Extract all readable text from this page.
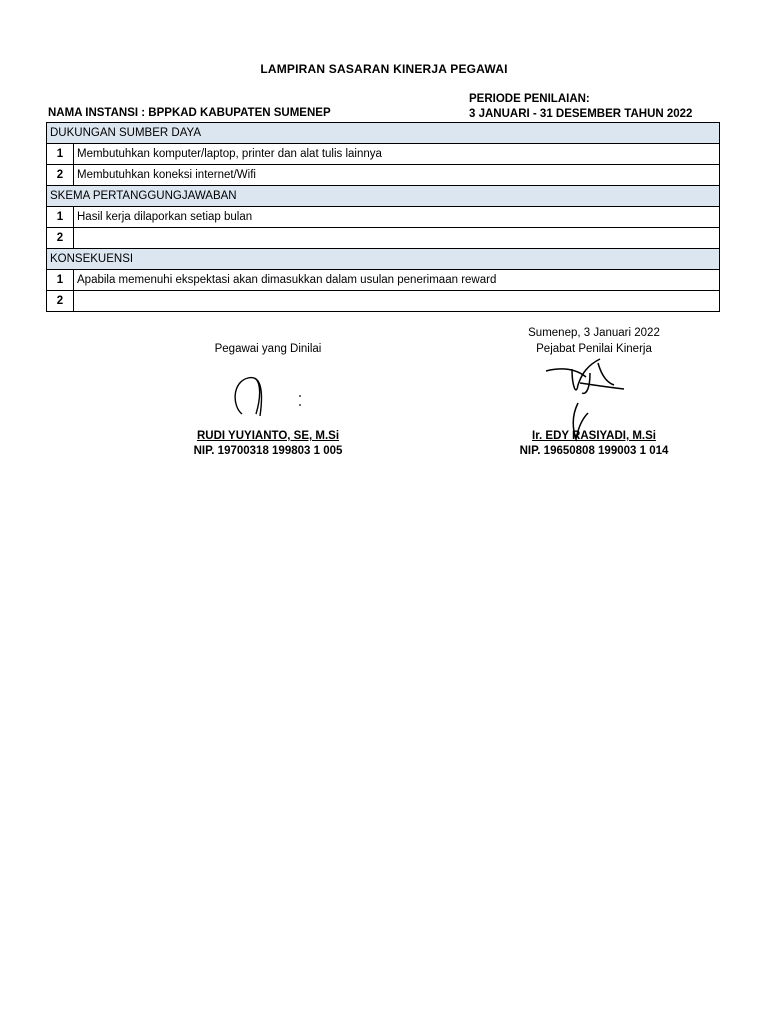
LAMPIRAN SASARAN KINERJA PEGAWAI
NAMA INSTANSI : BPPKAD KABUPATEN SUMENEP
PERIODE PENILAIAN:
3 JANUARI - 31 DESEMBER TAHUN 2022
DUKUNGAN SUMBER DAYA	
1	Membutuhkan komputer/laptop, printer dan alat tulis lainnya
2	Membutuhkan koneksi internet/Wifi
SKEMA PERTANGGUNGJAWABAN	
1	Hasil kerja dilaporkan setiap bulan
2	
KONSEKUENSI	
1	Apabila memenuhi ekspektasi akan dimasukkan dalam usulan penerimaan reward
2	
Pegawai yang Dinilai
RUDI YUYIANTO, SE, M.Si
NIP. 19700318 199803 1 005
Sumenep, 3 Januari 2022
Pejabat Penilai Kinerja
Ir. EDY RASIYADI, M.Si
NIP. 19650808 199003 1 014
